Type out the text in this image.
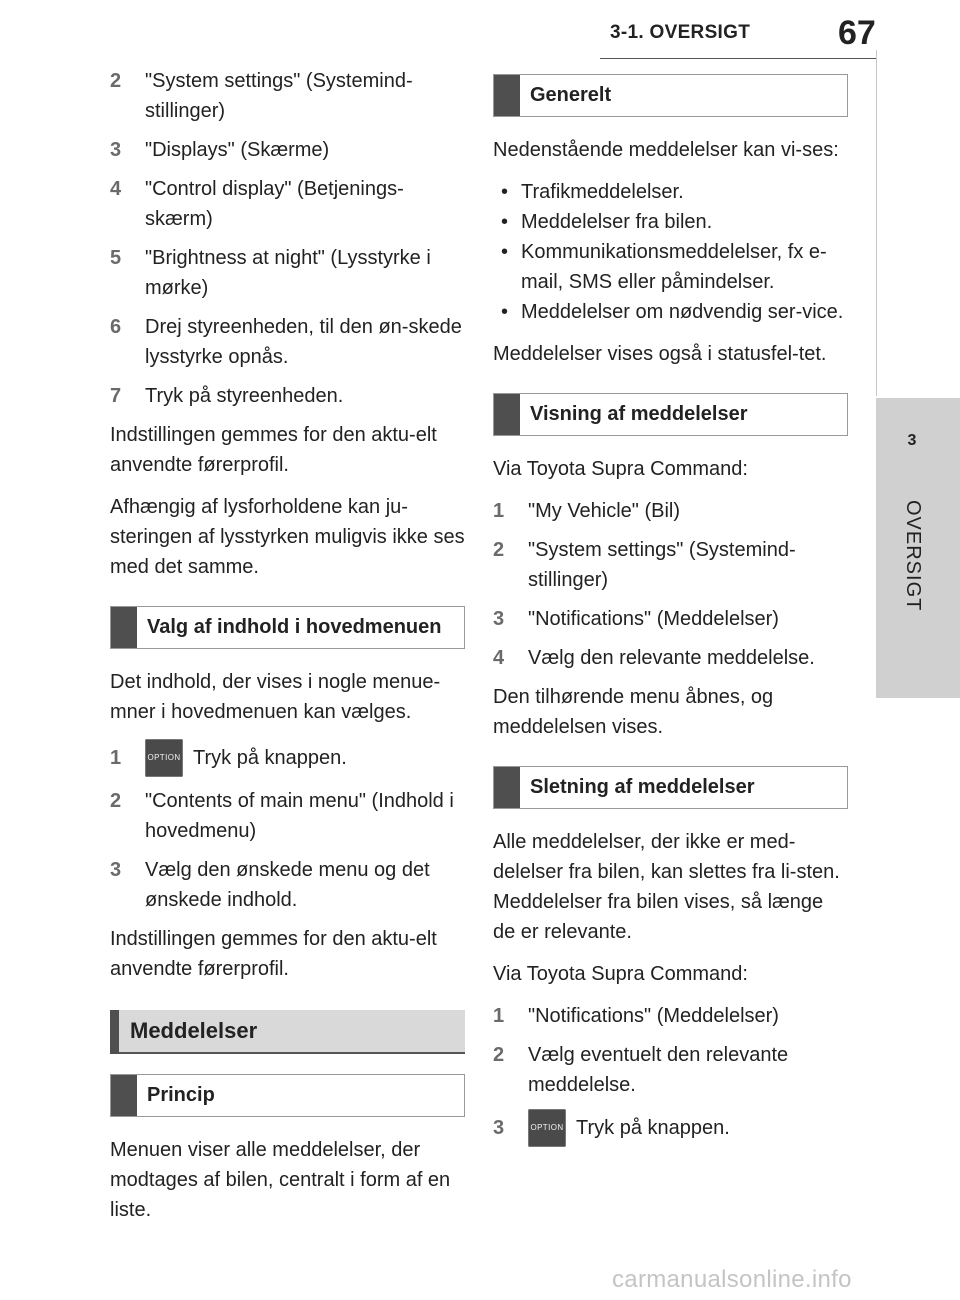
3-1. OVERSIGT	67
3
OVERSIGT
2	"System settings" (Systemind-stillinger)
3	"Displays" (Skærme)
4	"Control display" (Betjenings-skærm)
5	"Brightness at night" (Lysstyrke i mørke)
6	Drej styreenheden, til den øn-skede lysstyrke opnås.
7	Tryk på styreenheden.

Indstillingen gemmes for den aktu-elt anvendte førerprofil.

Afhængig af lysforholdene kan ju-steringen af lysstyrken muligvis ikke ses med det samme.

Valg af indhold i hovedmenuen

Det indhold, der vises i nogle menue-mner i hovedmenuen kan vælges.

1	OPTION Tryk på knappen.
2	"Contents of main menu" (Indhold i hovedmenu)
3	Vælg den ønskede menu og det ønskede indhold.

Indstillingen gemmes for den aktu-elt anvendte førerprofil.

Meddelelser
Princip

Menuen viser alle meddelelser, der modtages af bilen, centralt i form af en liste.

Generelt

Nedenstående meddelelser kan vi-ses:

• Trafikmeddelelser.
• Meddelelser fra bilen.
• Kommunikationsmeddelelser, fx e-mail, SMS eller påmindelser.
• Meddelelser om nødvendig ser-vice.

Meddelelser vises også i statusfel-tet.

Visning af meddelelser

Via Toyota Supra Command:

1	"My Vehicle" (Bil)
2	"System settings" (Systemind-stillinger)
3	"Notifications" (Meddelelser)
4	Vælg den relevante meddelelse.

Den tilhørende menu åbnes, og meddelelsen vises.

Sletning af meddelelser

Alle meddelelser, der ikke er med-delelser fra bilen, kan slettes fra li-sten. Meddelelser fra bilen vises, så længe de er relevante.

Via Toyota Supra Command:

1	"Notifications" (Meddelelser)
2	Vælg eventuelt den relevante meddelelse.
3	OPTION Tryk på knappen.
carmanualsonline.info
